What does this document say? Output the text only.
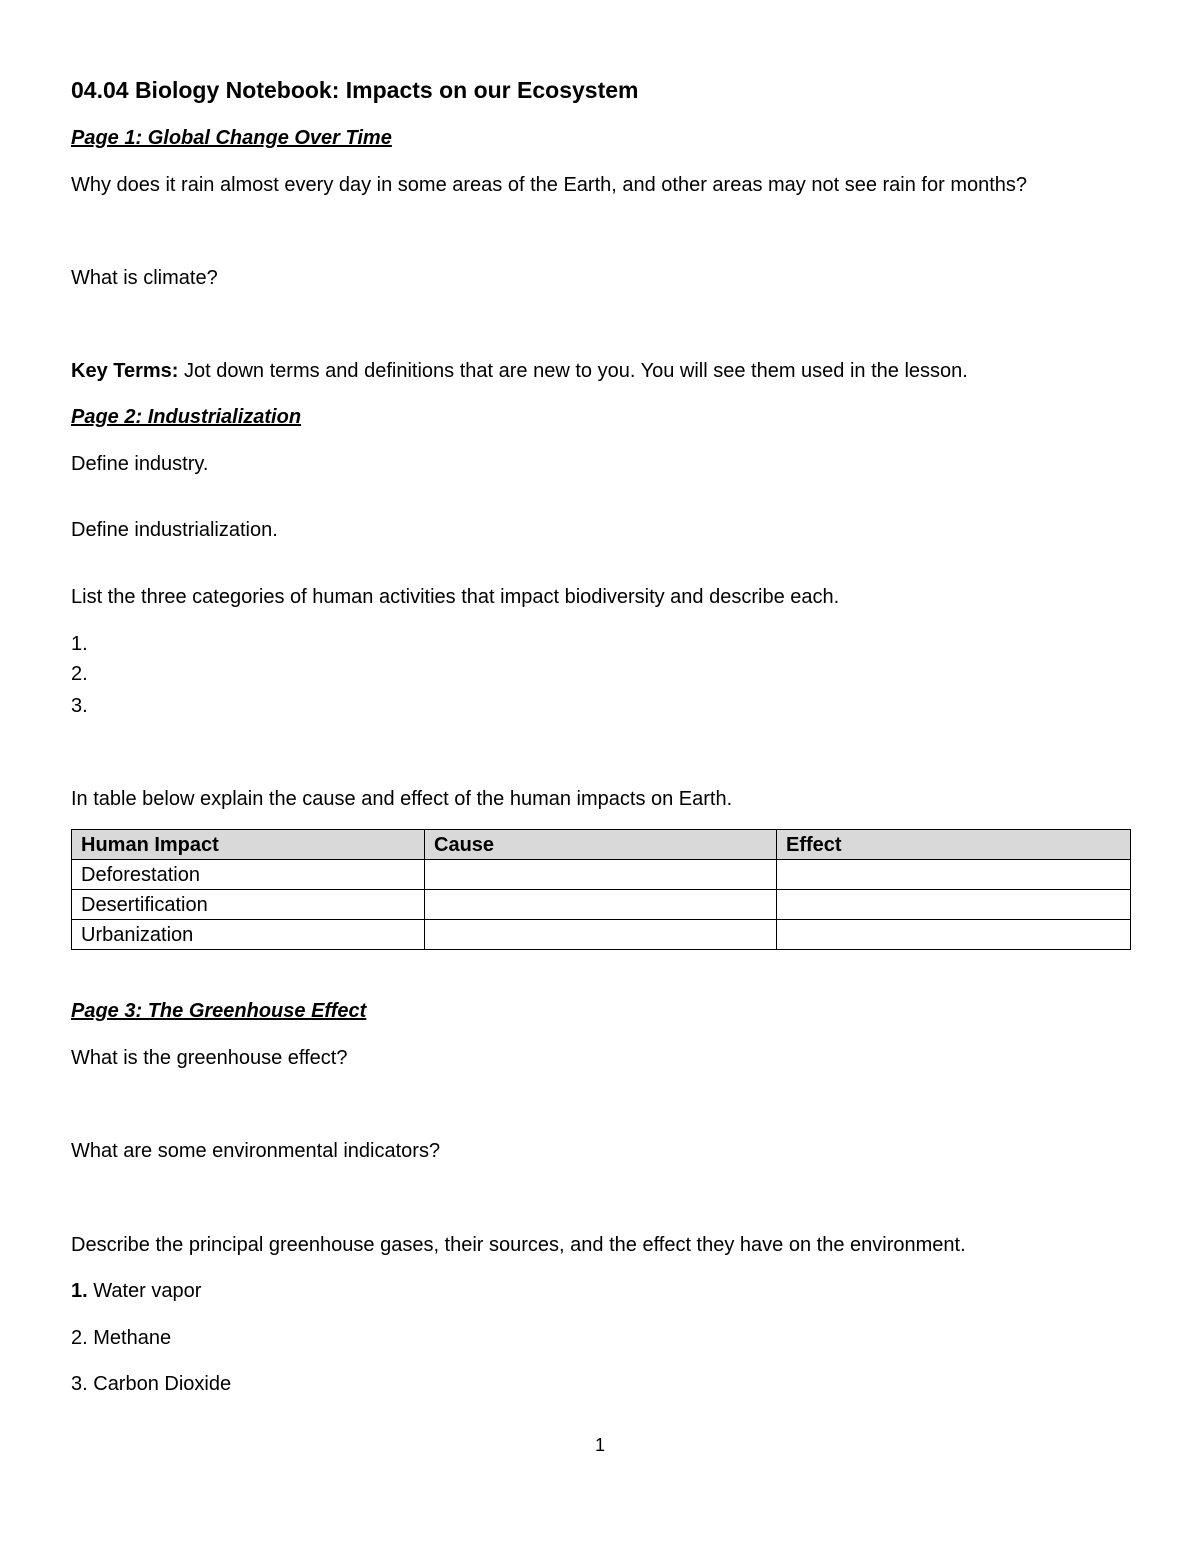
04.04 Biology Notebook: Impacts on our Ecosystem
Page 1: Global Change Over Time
Why does it rain almost every day in some areas of the Earth, and other areas may not see rain for months?
What is climate?
Key Terms: Jot down terms and definitions that are new to you. You will see them used in the lesson.
Page 2: Industrialization
Define industry.
Define industrialization.
List the three categories of human activities that impact biodiversity and describe each.
1.
2.
3.
In table below explain the cause and effect of the human impacts on Earth.
Human Impact	Cause	Effect
Deforestation		
Desertification		
Urbanization		
Page 3: The Greenhouse Effect
What is the greenhouse effect?
What are some environmental indicators?
Describe the principal greenhouse gases, their sources, and the effect they have on the environment.
1. Water vapor
2. Methane
3. Carbon Dioxide
1
